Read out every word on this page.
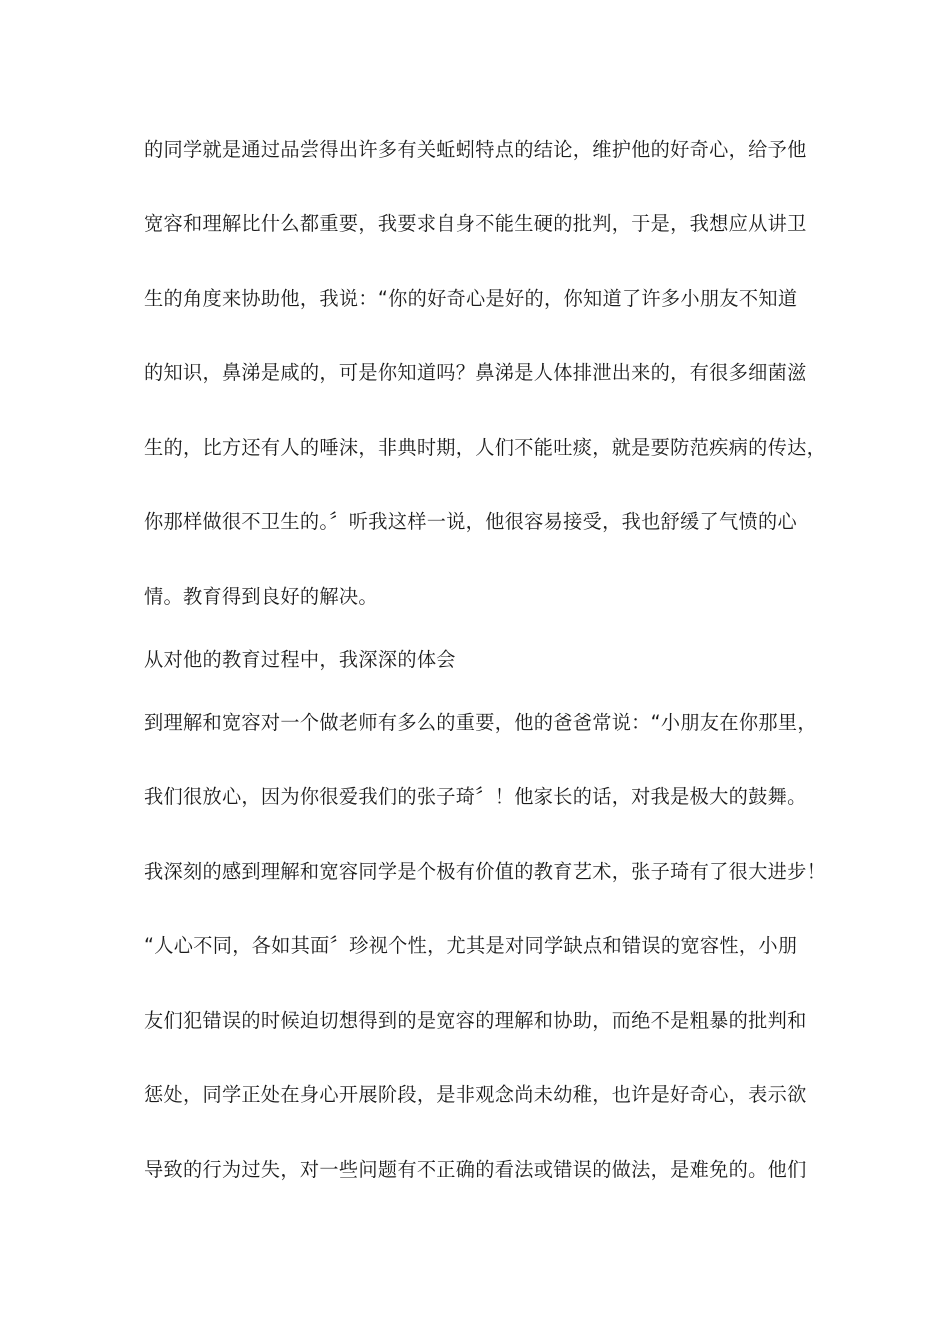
的同学就是通过品尝得出许多有关蚯蚓特点的结论，维护他的好奇心，给予他
宽容和理解比什么都重要，我要求自身不能生硬的批判，于是，我想应从讲卫
生的角度来协助他，我说：“你的好奇心是好的，你知道了许多小朋友不知道
的知识，鼻涕是咸的，可是你知道吗？鼻涕是人体排泄出来的，有很多细菌滋
生的，比方还有人的唾沫，非典时期，人们不能吐痰，就是要防范疾病的传达，
你那样做很不卫生的。〞听我这样一说，他很容易接受，我也舒缓了气愤的心
情。教育得到良好的解决。
从对他的教育过程中，我深深的体会
到理解和宽容对一个做老师有多么的重要，他的爸爸常说：“小朋友在你那里，
我们很放心，因为你很爱我们的张子琦〞！他家长的话，对我是极大的鼓舞。
我深刻的感到理解和宽容同学是个极有价值的教育艺术，张子琦有了很大进步！
“人心不同，各如其面〞珍视个性，尤其是对同学缺点和错误的宽容性，小朋
友们犯错误的时候迫切想得到的是宽容的理解和协助，而绝不是粗暴的批判和
惩处，同学正处在身心开展阶段，是非观念尚未幼稚，也许是好奇心，表示欲
导致的行为过失，对一些问题有不正确的看法或错误的做法，是难免的。他们
